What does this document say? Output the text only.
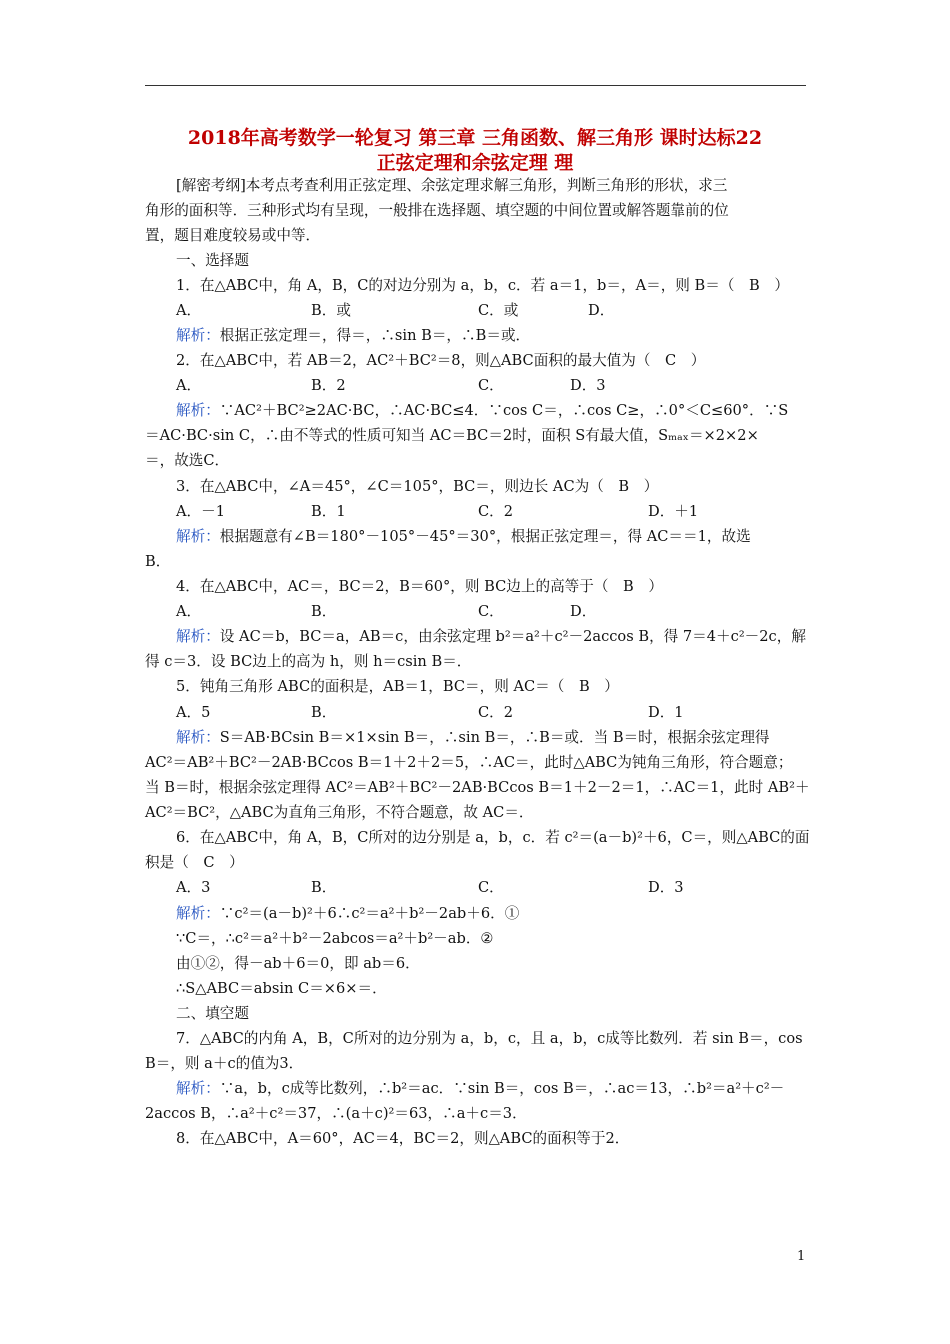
2018年高考数学一轮复习 第三章 三角函数、解三角形 课时达标22
正弦定理和余弦定理 理
[解密考纲]本考点考查利用正弦定理、余弦定理求解三角形，判断三角形的形状，求三
角形的面积等．三种形式均有呈现，一般排在选择题、填空题的中间位置或解答题靠前的位
置，题目难度较易或中等．
一、选择题
1．在△ABC中，角 A，B，C的对边分别为 a，b，c．若 a＝1，b＝，A＝，则 B＝（　B　）
A．	B．或	C．或	D．
解析：根据正弦定理＝，得＝，∴sin B＝，∴B＝或．
2．在△ABC中，若 AB＝2，AC²＋BC²＝8，则△ABC面积的最大值为（　C　）
A．	B．2	C．	D．3
解析：∵AC²＋BC²≥2AC·BC，∴AC·BC≤4．∵cos C＝，∴cos C≥，∴0°＜C≤60°．∵S
＝AC·BC·sin C，∴由不等式的性质可知当 AC＝BC＝2时，面积 S有最大值，Sₘₐₓ＝×2×2×
＝，故选C．
3．在△ABC中，∠A＝45°，∠C＝105°，BC＝，则边长 AC为（　B　）
A．－1	B．1	C．2	D．＋1
解析：根据题意有∠B＝180°－105°－45°＝30°，根据正弦定理＝，得 AC＝＝1，故选
B．
4．在△ABC中，AC＝，BC＝2，B＝60°，则 BC边上的高等于（　B　）
A．	B．	C．	D．
解析：设 AC＝b，BC＝a，AB＝c，由余弦定理 b²＝a²＋c²－2accos B，得 7＝4＋c²－2c，解
得 c＝3．设 BC边上的高为 h，则 h＝csin B＝．
5．钝角三角形 ABC的面积是，AB＝1，BC＝，则 AC＝（　B　）
A．5	B．	C．2	D．1
解析：S＝AB·BCsin B＝×1×sin B＝，∴sin B＝，∴B＝或．当 B＝时，根据余弦定理得
AC²＝AB²＋BC²－2AB·BCcos B＝1＋2＋2＝5，∴AC＝，此时△ABC为钝角三角形，符合题意；
当 B＝时，根据余弦定理得 AC²＝AB²＋BC²－2AB·BCcos B＝1＋2－2＝1，∴AC＝1，此时 AB²＋
AC²＝BC²，△ABC为直角三角形，不符合题意，故 AC＝．
6．在△ABC中，角 A，B，C所对的边分别是 a，b，c．若 c²＝(a－b)²＋6，C＝，则△ABC的面
积是（　C　）
A．3	B．	C．	D．3
解析：∵c²＝(a－b)²＋6∴c²＝a²＋b²－2ab＋6．①
∵C＝，∴c²＝a²＋b²－2abcos＝a²＋b²－ab．②
由①②，得－ab＋6＝0，即 ab＝6．
∴S△ABC＝absin C＝×6×＝．
二、填空题
7．△ABC的内角 A，B，C所对的边分别为 a，b，c，且 a，b，c成等比数列．若 sin B＝，cos
B＝，则 a＋c的值为3．
解析：∵a，b，c成等比数列，∴b²＝ac．∵sin B＝，cos B＝，∴ac＝13，∴b²＝a²＋c²－
2accos B，∴a²＋c²＝37，∴(a＋c)²＝63，∴a＋c＝3．
8．在△ABC中，A＝60°，AC＝4，BC＝2，则△ABC的面积等于2．
1
